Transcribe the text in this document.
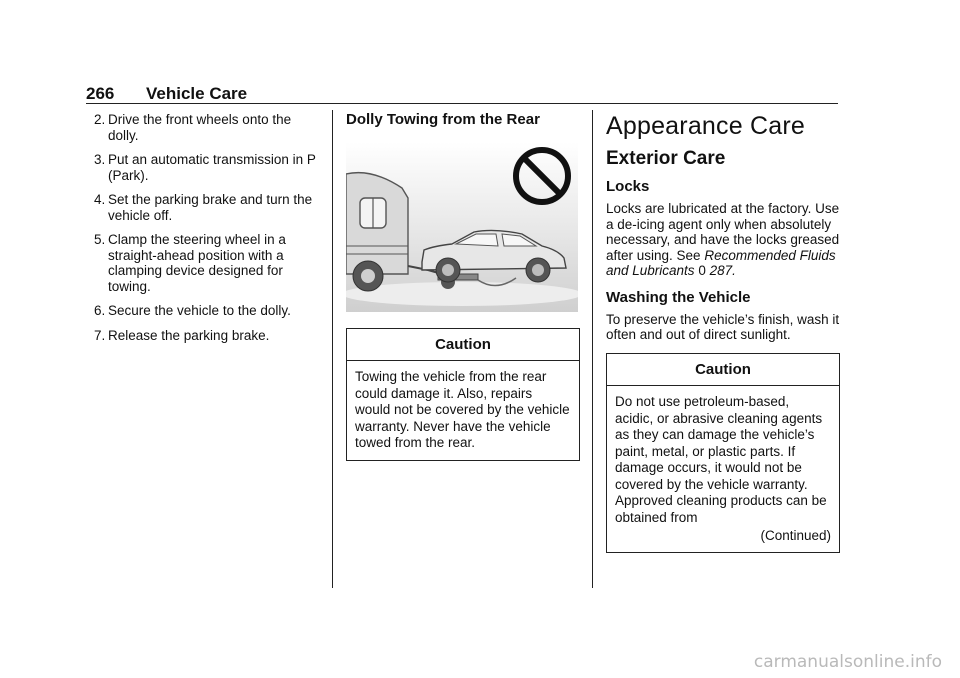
266 Vehicle Care
2. Drive the front wheels onto the dolly.
3. Put an automatic transmission in P (Park).
4. Set the parking brake and turn the vehicle off.
5. Clamp the steering wheel in a straight-ahead position with a clamping device designed for towing.
6. Secure the vehicle to the dolly.
7. Release the parking brake.
Dolly Towing from the Rear
Caution
Towing the vehicle from the rear could damage it. Also, repairs would not be covered by the vehicle warranty. Never have the vehicle towed from the rear.
Appearance Care
Exterior Care
Locks

Locks are lubricated at the factory. Use a de-icing agent only when absolutely necessary, and have the locks greased after using. See Recommended Fluids and Lubricants 0 287.

Washing the Vehicle

To preserve the vehicle’s finish, wash it often and out of direct sunlight.

Caution
Do not use petroleum-based, acidic, or abrasive cleaning agents as they can damage the vehicle’s paint, metal, or plastic parts. If damage occurs, it would not be covered by the vehicle warranty. Approved cleaning products can be obtained from
(Continued)
carmanualsonline.info
